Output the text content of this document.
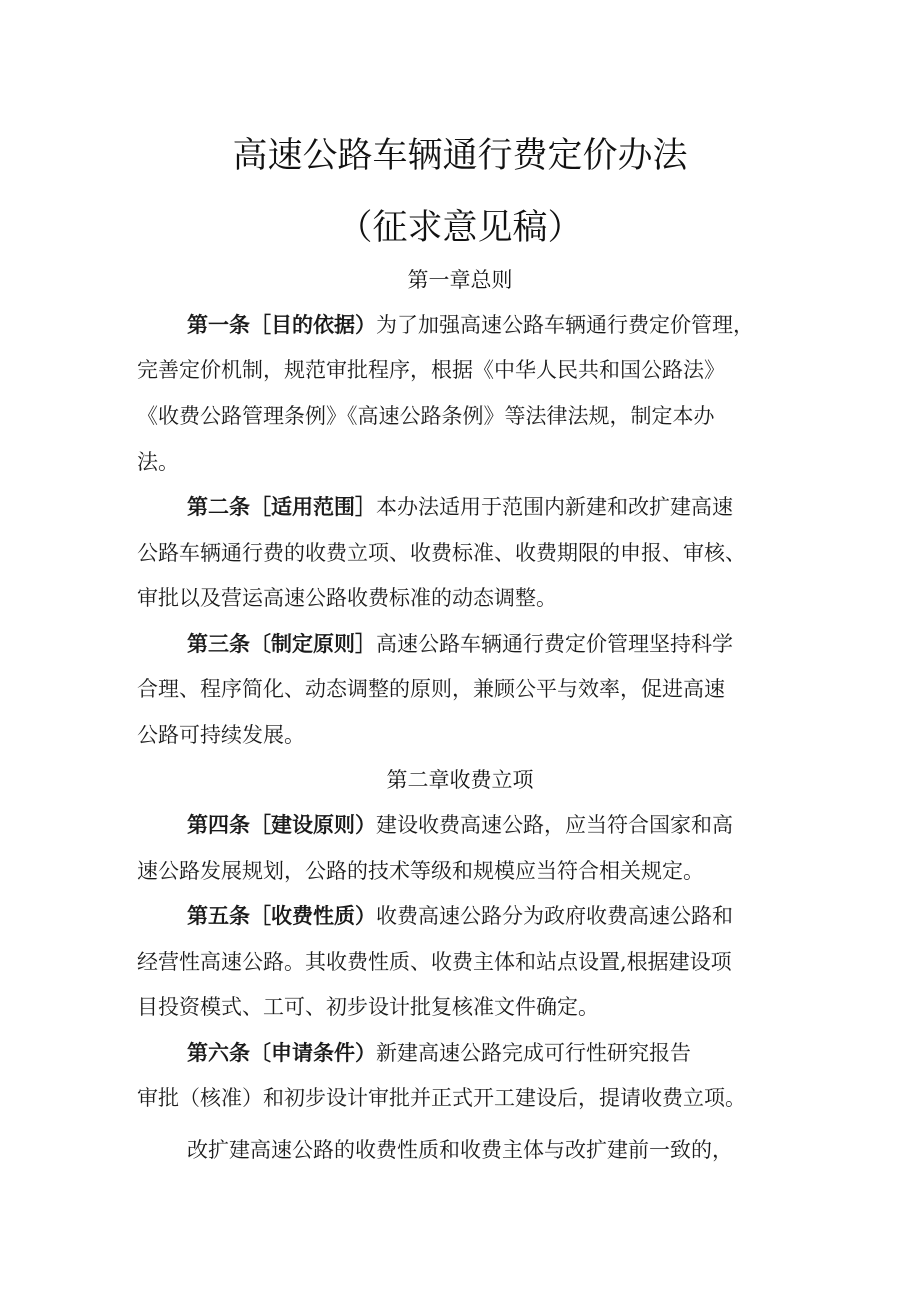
高速公路车辆通行费定价办法
（征求意见稿）
第一章总则
第一条［目的依据）为了加强高速公路车辆通行费定价管理，
完善定价机制，规范审批程序，根据《中华人民共和国公路法》
《收费公路管理条例》《高速公路条例》等法律法规，制定本办
法。
第二条［适用范围］本办法适用于范围内新建和改扩建高速
公路车辆通行费的收费立项、收费标准、收费期限的申报、审核、
审批以及营运高速公路收费标准的动态调整。
第三条〔制定原则］高速公路车辆通行费定价管理坚持科学
合理、程序简化、动态调整的原则，兼顾公平与效率，促进高速
公路可持续发展。
第二章收费立项
第四条［建设原则）建设收费高速公路，应当符合国家和高
速公路发展规划，公路的技术等级和规模应当符合相关规定。
第五条［收费性质）收费高速公路分为政府收费高速公路和
经营性高速公路。其收费性质、收费主体和站点设置,根据建设项
目投资模式、工可、初步设计批复核准文件确定。
第六条〔申请条件）新建高速公路完成可行性研究报告
审批（核准）和初步设计审批并正式开工建设后，提请收费立项。
改扩建高速公路的收费性质和收费主体与改扩建前一致的，
